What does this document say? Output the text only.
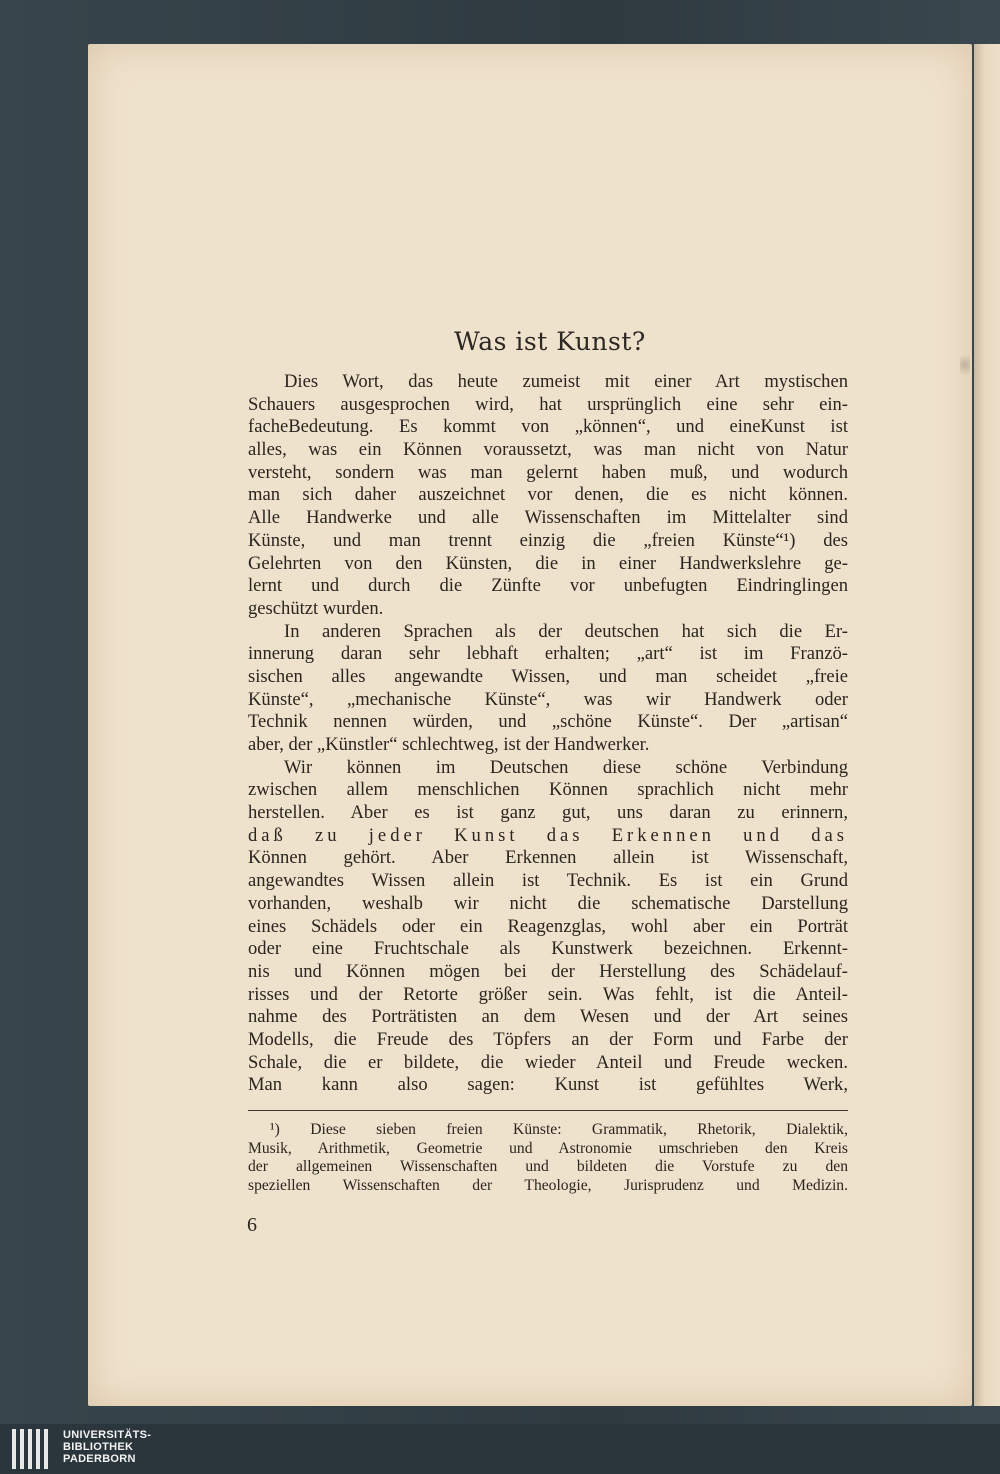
Was ist Kunst?
Dies Wort, das heute zumeist mit einer Art mystischen
Schauers ausgesprochen wird, hat ursprünglich eine sehr ein-
facheBedeutung. Es kommt von „können“, und eineKunst ist
alles, was ein Können voraussetzt, was man nicht von Natur
versteht, sondern was man gelernt haben muß, und wodurch
man sich daher auszeichnet vor denen, die es nicht können.
Alle Handwerke und alle Wissenschaften im Mittelalter sind
Künste, und man trennt einzig die „freien Künste“¹) des
Gelehrten von den Künsten, die in einer Handwerkslehre ge-
lernt und durch die Zünfte vor unbefugten Eindringlingen
geschützt wurden.
In anderen Sprachen als der deutschen hat sich die Er-
innerung daran sehr lebhaft erhalten; „art“ ist im Franzö-
sischen alles angewandte Wissen, und man scheidet „freie
Künste“, „mechanische Künste“, was wir Handwerk oder
Technik nennen würden, und „schöne Künste“. Der „artisan“
aber, der „Künstler“ schlechtweg, ist der Handwerker.
Wir können im Deutschen diese schöne Verbindung
zwischen allem menschlichen Können sprachlich nicht mehr
herstellen. Aber es ist ganz gut, uns daran zu erinnern,
daß zu jeder Kunst das Erkennen und das
Können gehört. Aber Erkennen allein ist Wissenschaft,
angewandtes Wissen allein ist Technik. Es ist ein Grund
vorhanden, weshalb wir nicht die schematische Darstellung
eines Schädels oder ein Reagenzglas, wohl aber ein Porträt
oder eine Fruchtschale als Kunstwerk bezeichnen. Erkennt-
nis und Können mögen bei der Herstellung des Schädelauf-
risses und der Retorte größer sein. Was fehlt, ist die Anteil-
nahme des Porträtisten an dem Wesen und der Art seines
Modells, die Freude des Töpfers an der Form und Farbe der
Schale, die er bildete, die wieder Anteil und Freude wecken.
Man kann also sagen: Kunst ist gefühltes Werk,
¹) Diese sieben freien Künste: Grammatik, Rhetorik, Dialektik,
Musik, Arithmetik, Geometrie und Astronomie umschrieben den Kreis
der allgemeinen Wissenschaften und bildeten die Vorstufe zu den
speziellen Wissenschaften der Theologie, Jurisprudenz und Medizin.
6
UNIVERSITÄTS-
BIBLIOTHEK
PADERBORN
